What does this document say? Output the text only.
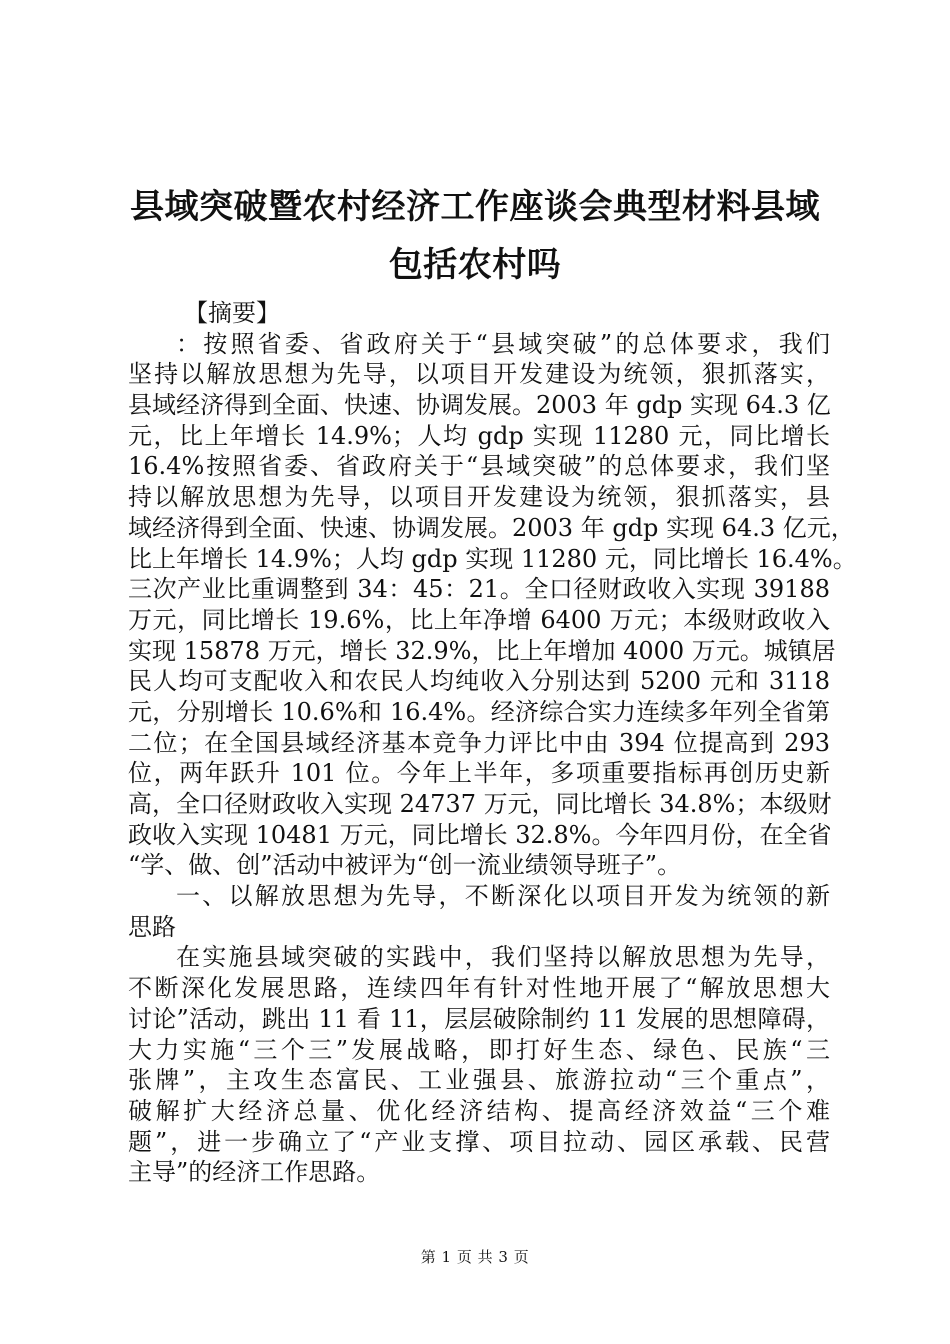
县域突破暨农村经济工作座谈会典型材料县域
包括农村吗
【摘要】
：按照省委、省政府关于“县域突破”的总体要求，我们
坚持以解放思想为先导，以项目开发建设为统领，狠抓落实，
县域经济得到全面、快速、协调发展。2003 年 gdp 实现 64.3 亿
元，比上年增长 14.9%；人均 gdp 实现 11280 元，同比增长
16.4%按照省委、省政府关于“县域突破”的总体要求，我们坚
持以解放思想为先导，以项目开发建设为统领，狠抓落实，县
域经济得到全面、快速、协调发展。2003 年 gdp 实现 64.3 亿元，
比上年增长 14.9%；人均 gdp 实现 11280 元，同比增长 16.4%。
三次产业比重调整到 34：45：21。全口径财政收入实现 39188
万元，同比增长 19.6%，比上年净增 6400 万元；本级财政收入
实现 15878 万元，增长 32.9%，比上年增加 4000 万元。城镇居
民人均可支配收入和农民人均纯收入分别达到 5200 元和 3118
元，分别增长 10.6%和 16.4%。经济综合实力连续多年列全省第
二位；在全国县域经济基本竞争力评比中由 394 位提高到 293
位，两年跃升 101 位。今年上半年，多项重要指标再创历史新
高，全口径财政收入实现 24737 万元，同比增长 34.8%；本级财
政收入实现 10481 万元，同比增长 32.8%。今年四月份，在全省
“学、做、创”活动中被评为“创一流业绩领导班子”。
一、以解放思想为先导，不断深化以项目开发为统领的新
思路
在实施县域突破的实践中，我们坚持以解放思想为先导，
不断深化发展思路，连续四年有针对性地开展了“解放思想大
讨论”活动，跳出 11 看 11，层层破除制约 11 发展的思想障碍，
大力实施“三个三”发展战略，即打好生态、绿色、民族“三
张牌”，主攻生态富民、工业强县、旅游拉动“三个重点”，
破解扩大经济总量、优化经济结构、提高经济效益“三个难
题”，进一步确立了“产业支撑、项目拉动、园区承载、民营
主导”的经济工作思路。
第 1 页 共 3 页
